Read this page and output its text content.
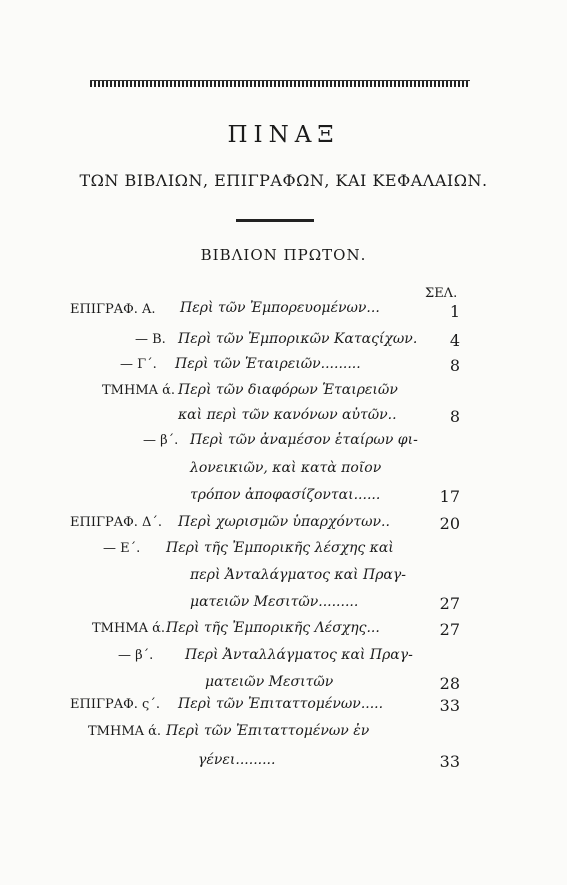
ΠΙΝΑΞ
ΤΩΝ ΒΙΒΛΙΩΝ, ΕΠΙΓΡΑΦΩΝ, ΚΑΙ ΚΕΦΑΛΑΙΩΝ.
ΒΙΒΛΙΟΝ ΠΡΩΤΟΝ.
ΣΕΛ.
ΕΠΙΓΡΑΦ. Α. Περὶ τῶν Ἐμπορευομένων...	1
— Β. Περὶ τῶν Ἐμπορικῶν Καταςίχων.	4
— Γ΄. Περὶ τῶν Ἑταιρειῶν.........	8
ΤΜΗΜΑ ά. Περὶ τῶν διαφόρων Ἑταιρειῶν
καὶ περὶ τῶν κανόνων αὐτῶν..	8
— β΄. Περὶ τῶν ἀναμέσον ἑταίρων φι-
λονεικιῶν, καὶ κατὰ ποῖον
τρόπον ἀποφασίζονται......	17
ΕΠΙΓΡΑΦ. Δ΄. Περὶ χωρισμῶν ὑπαρχόντων..	20
— Ε΄. Περὶ τῆς Ἐμπορικῆς λέσχης καὶ
περὶ Ἀνταλάγματος καὶ Πραγ-
ματειῶν Μεσιτῶν.........	27
ΤΜΗΜΑ ά. Περὶ τῆς Ἐμπορικῆς Λέσχης...	27
— β΄. Περὶ Ἀνταλλάγματος καὶ Πραγ-
ματειῶν Μεσιτῶν	28
ΕΠΙΓΡΑΦ. ς΄. Περὶ τῶν Ἐπιταττομένων.....	33
ΤΜΗΜΑ ά. Περὶ τῶν Ἐπιταττομένων ἐν
γένει.........	33
